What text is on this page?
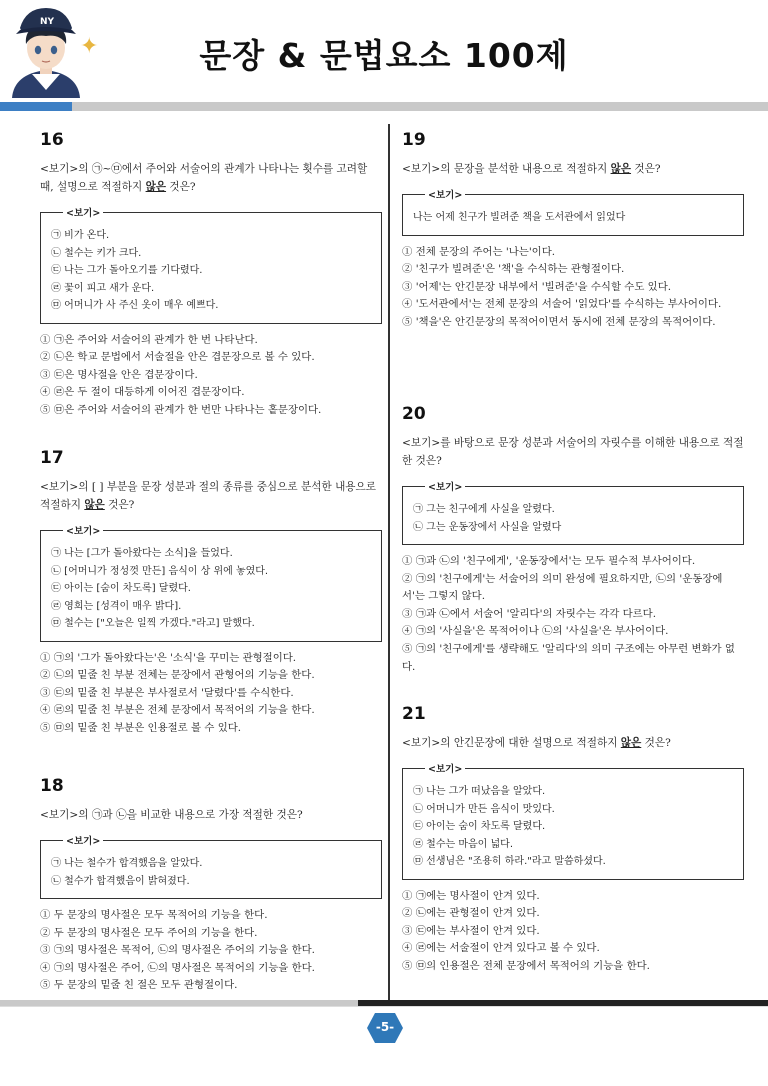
NY
✦	문장 & 문법요소 100제
16

<보기>의 ㉠~㉤에서 주어와 서술어의 관계가 나타나는 횟수를 고려할 때, 설명으로 적절하지 않은 것은?

<보기>

㉠ 비가 온다.

㉡ 철수는 키가 크다.

㉢ 나는 그가 돌아오기를 기다렸다.

㉣ 꽃이 피고 새가 운다.

㉤ 어머니가 사 주신 옷이 매우 예쁘다.

① ㉠은 주어와 서술어의 관계가 한 번 나타난다.

② ㉡은 학교 문법에서 서술절을 안은 겹문장으로 볼 수 있다.

③ ㉢은 명사절을 안은 겹문장이다.

④ ㉣은 두 절이 대등하게 이어진 겹문장이다.

⑤ ㉤은 주어와 서술어의 관계가 한 번만 나타나는 홑문장이다.

17

<보기>의 [ ] 부분을 문장 성분과 절의 종류를 중심으로 분석한 내용으로 적절하지 않은 것은?

<보기>

㉠ 나는 [그가 돌아왔다는 소식]을 들었다.

㉡ [어머니가 정성껏 만든] 음식이 상 위에 놓였다.

㉢ 아이는 [숨이 차도록] 달렸다.

㉣ 영희는 [성격이 매우 밝다].

㉤ 철수는 ["오늘은 일찍 가겠다."라고] 말했다.

① ㉠의 '그가 돌아왔다는'은 '소식'을 꾸미는 관형절이다.

② ㉡의 밑줄 친 부분 전체는 문장에서 관형어의 기능을 한다.

③ ㉢의 밑줄 친 부분은 부사절로서 '달렸다'를 수식한다.

④ ㉣의 밑줄 친 부분은 전체 문장에서 목적어의 기능을 한다.

⑤ ㉤의 밑줄 친 부분은 인용절로 볼 수 있다.

18

<보기>의 ㉠과 ㉡을 비교한 내용으로 가장 적절한 것은?

<보기>

㉠ 나는 철수가 합격했음을 알았다.

㉡ 철수가 합격했음이 밝혀졌다.

① 두 문장의 명사절은 모두 목적어의 기능을 한다.

② 두 문장의 명사절은 모두 주어의 기능을 한다.

③ ㉠의 명사절은 목적어, ㉡의 명사절은 주어의 기능을 한다.

④ ㉠의 명사절은 주어, ㉡의 명사절은 목적어의 기능을 한다.

⑤ 두 문장의 밑줄 친 절은 모두 관형절이다.

19

<보기>의 문장을 분석한 내용으로 적절하지 않은 것은?

<보기>

나는 어제 친구가 빌려준 책을 도서관에서 읽었다

① 전체 문장의 주어는 '나는'이다.

② '친구가 빌려준'은 '책'을 수식하는 관형절이다.

③ '어제'는 안긴문장 내부에서 '빌려준'을 수식할 수도 있다.

④ '도서관에서'는 전체 문장의 서술어 '읽었다'를 수식하는 부사어이다.

⑤ '책을'은 안긴문장의 목적어이면서 동시에 전체 문장의 목적어이다.

20

<보기>를 바탕으로 문장 성분과 서술어의 자릿수를 이해한 내용으로 적절한 것은?

<보기>

㉠ 그는 친구에게 사실을 알렸다.

㉡ 그는 운동장에서 사실을 알렸다

① ㉠과 ㉡의 '친구에게', '운동장에서'는 모두 필수적 부사어이다.

② ㉠의 '친구에게'는 서술어의 의미 완성에 필요하지만, ㉡의 '운동장에서'는 그렇지 않다.

③ ㉠과 ㉡에서 서술어 '알리다'의 자릿수는 각각 다르다.

④ ㉠의 '사실을'은 목적어이나 ㉡의 '사실을'은 부사어이다.

⑤ ㉠의 '친구에게'를 생략해도 '알리다'의 의미 구조에는 아무런 변화가 없다.

21

<보기>의 안긴문장에 대한 설명으로 적절하지 않은 것은?

<보기>

㉠ 나는 그가 떠났음을 알았다.

㉡ 어머니가 만든 음식이 맛있다.

㉢ 아이는 숨이 차도록 달렸다.

㉣ 철수는 마음이 넓다.

㉤ 선생님은 "조용히 하라."라고 말씀하셨다.

① ㉠에는 명사절이 안겨 있다.

② ㉡에는 관형절이 안겨 있다.

③ ㉢에는 부사절이 안겨 있다.

④ ㉣에는 서술절이 안겨 있다고 볼 수 있다.

⑤ ㉤의 인용절은 전체 문장에서 목적어의 기능을 한다.

-5-
